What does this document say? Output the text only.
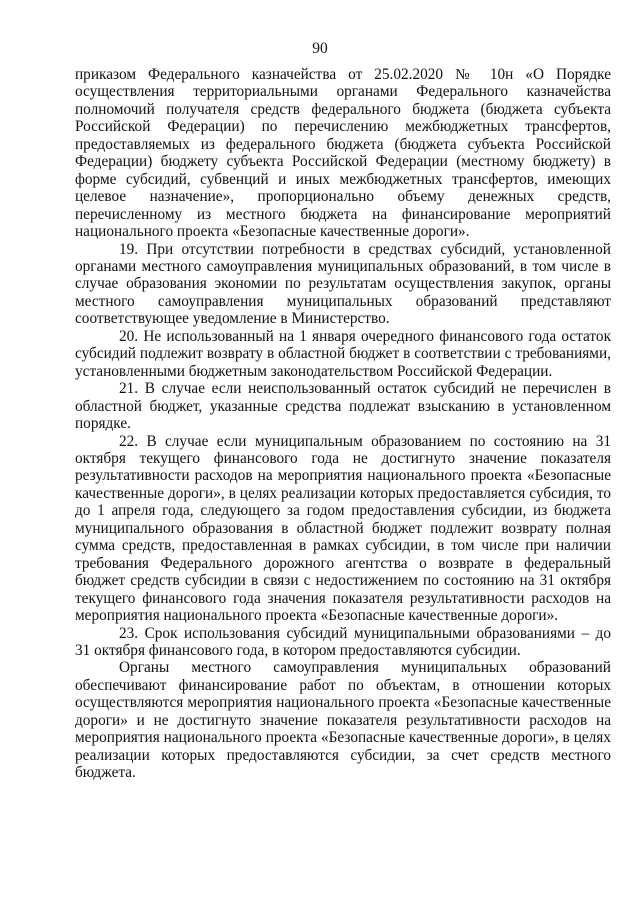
90

приказом Федерального казначейства от 25.02.2020 № 10н «О Порядке осуществления территориальными органами Федерального казначейства полномочий получателя средств федерального бюджета (бюджета субъекта Российской Федерации) по перечислению межбюджетных трансфертов, предоставляемых из федерального бюджета (бюджета субъекта Российской Федерации) бюджету субъекта Российской Федерации (местному бюджету) в форме субсидий, субвенций и иных межбюджетных трансфертов, имеющих целевое назначение», пропорционально объему денежных средств, перечисленному из местного бюджета на финансирование мероприятий национального проекта «Безопасные качественные дороги».

19. При отсутствии потребности в средствах субсидий, установленной органами местного самоуправления муниципальных образований, в том числе в случае образования экономии по результатам осуществления закупок, органы местного самоуправления муниципальных образований представляют соответствующее уведомление в Министерство.

20. Не использованный на 1 января очередного финансового года остаток субсидий подлежит возврату в областной бюджет в соответствии с требованиями, установленными бюджетным законодательством Российской Федерации.

21. В случае если неиспользованный остаток субсидий не перечислен в областной бюджет, указанные средства подлежат взысканию в установленном порядке.

22. В случае если муниципальным образованием по состоянию на 31 октября текущего финансового года не достигнуто значение показателя результативности расходов на мероприятия национального проекта «Безопасные качественные дороги», в целях реализации которых предоставляется субсидия, то до 1 апреля года, следующего за годом предоставления субсидии, из бюджета муниципального образования в областной бюджет подлежит возврату полная сумма средств, предоставленная в рамках субсидии, в том числе при наличии требования Федерального дорожного агентства о возврате в федеральный бюджет средств субсидии в связи с недостижением по состоянию на 31 октября текущего финансового года значения показателя результативности расходов на мероприятия национального проекта «Безопасные качественные дороги».

23. Срок использования субсидий муниципальными образованиями – до 31 октября финансового года, в котором предоставляются субсидии.

Органы местного самоуправления муниципальных образований обеспечивают финансирование работ по объектам, в отношении которых осуществляются мероприятия национального проекта «Безопасные качественные дороги» и не достигнуто значение показателя результативности расходов на мероприятия национального проекта «Безопасные качественные дороги», в целях реализации которых предоставляются субсидии, за счет средств местного бюджета.
